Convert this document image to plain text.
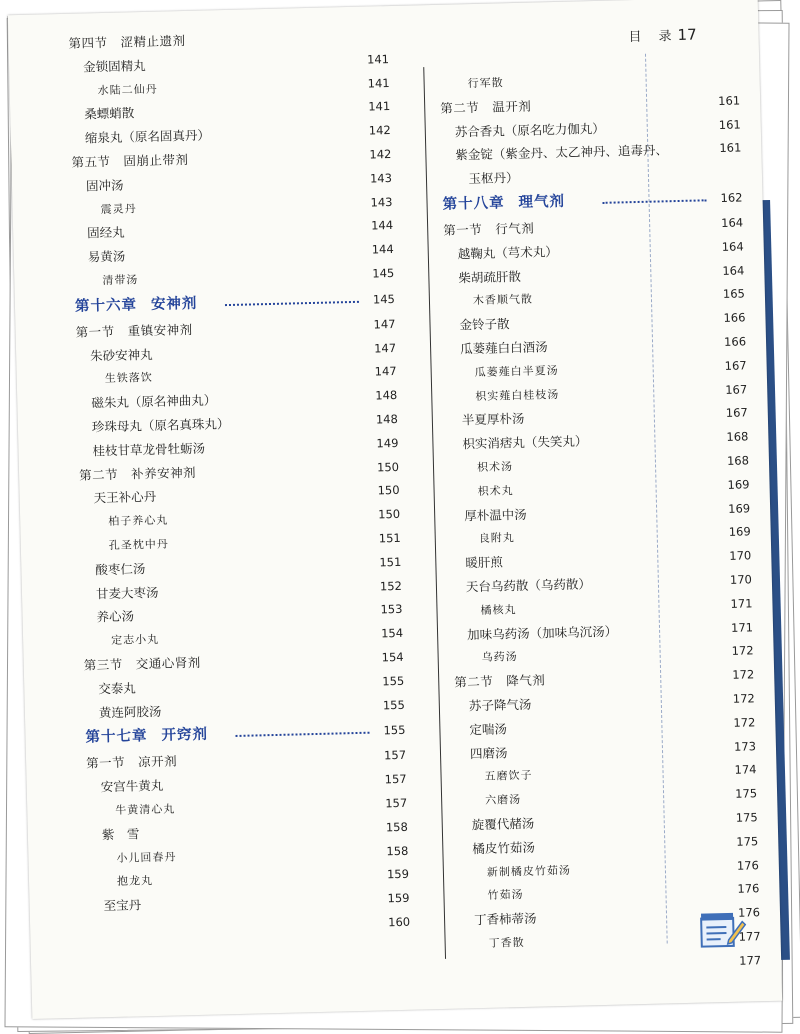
目　录 17
第四节　涩精止遗剂
金锁固精丸	141
水陆二仙丹	141
桑螵蛸散	141
缩泉丸（原名固真丹）	142
第五节　固崩止带剂	142
固冲汤	143
震灵丹	143
固经丸	144
易黄汤	144
清带汤	145
第十六章 安神剂	145
第一节　重镇安神剂	147
朱砂安神丸	147
生铁落饮	147
磁朱丸（原名神曲丸）	148
珍珠母丸（原名真珠丸）	148
桂枝甘草龙骨牡蛎汤	149
第二节　补养安神剂	150
天王补心丹	150
柏子养心丸	150
孔圣枕中丹	151
酸枣仁汤	151
甘麦大枣汤	152
养心汤	153
定志小丸	154
第三节　交通心肾剂	154
交泰丸	155
黄连阿胶汤	155
第十七章 开窍剂	155
第一节　凉开剂	157
安宫牛黄丸	157
牛黄清心丸	157
紫　雪	158
小儿回春丹	158
抱龙丸	159
至宝丹	159
160
行军散
第二节　温开剂	161
苏合香丸（原名吃力伽丸）	161
紫金锭（紫金丹、太乙神丹、追毒丹、	161
　玉枢丹）
第十八章 理气剂	162
第一节　行气剂	164
越鞠丸（芎术丸）	164
柴胡疏肝散	164
木香顺气散	165
金铃子散	166
瓜蒌薤白白酒汤	166
瓜蒌薤白半夏汤	167
枳实薤白桂枝汤	167
半夏厚朴汤	167
枳实消痞丸（失笑丸）	168
枳术汤	168
枳术丸	169
厚朴温中汤	169
良附丸	169
暖肝煎	170
天台乌药散（乌药散）	170
橘核丸	171
加味乌药汤（加味乌沉汤）	171
乌药汤	172
第二节　降气剂	172
苏子降气汤	172
定喘汤	172
四磨汤	173
五磨饮子	174
六磨汤	175
旋覆代赭汤	175
橘皮竹茹汤	175
新制橘皮竹茹汤	176
竹茹汤	176
丁香柿蒂汤	176
丁香散	177
177
